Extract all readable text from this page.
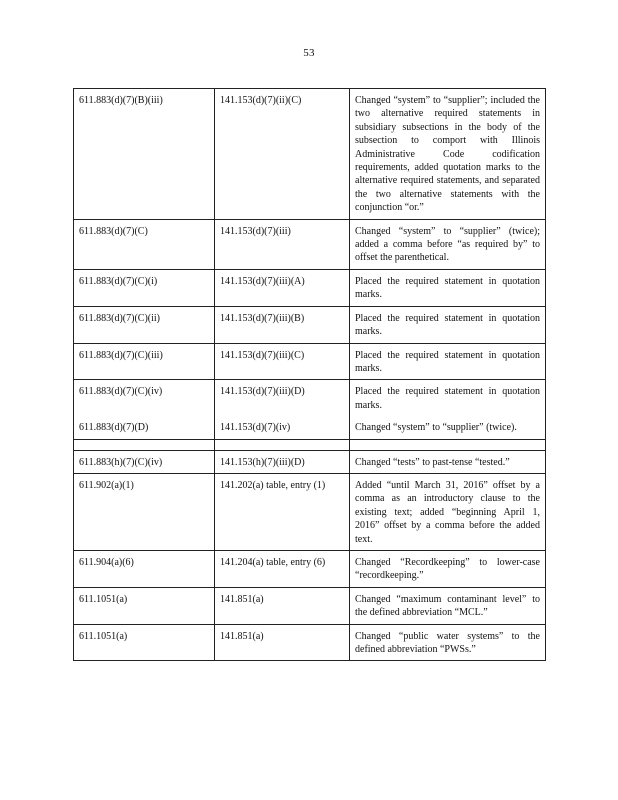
53
611.883(d)(7)(B)(iii)	141.153(d)(7)(ii)(C)	Changed “system” to “supplier”; included the two alternative required statements in subsidiary subsections in the body of the subsection to comport with Illinois Administrative Code codification requirements, added quotation marks to the alternative required statements, and separated the two alternative statements with the conjunction “or.”
611.883(d)(7)(C)	141.153(d)(7)(iii)	Changed “system” to “supplier” (twice); added a comma before “as required by” to offset the parenthetical.
611.883(d)(7)(C)(i)	141.153(d)(7)(iii)(A)	Placed the required statement in quotation marks.
611.883(d)(7)(C)(ii)	141.153(d)(7)(iii)(B)	Placed the required statement in quotation marks.
611.883(d)(7)(C)(iii)	141.153(d)(7)(iii)(C)	Placed the required statement in quotation marks.
611.883(d)(7)(C)(iv)	141.153(d)(7)(iii)(D)	Placed the required statement in quotation marks.
611.883(d)(7)(D)	141.153(d)(7)(iv)	Changed “system” to “supplier” (twice).

611.883(h)(7)(C)(iv)	141.153(h)(7)(iii)(D)	Changed “tests” to past-tense “tested.”
611.902(a)(1)	141.202(a) table, entry (1)	Added “until March 31, 2016” offset by a comma as an introductory clause to the existing text; added “beginning April 1, 2016” offset by a comma before the added text.
611.904(a)(6)	141.204(a) table, entry (6)	Changed “Recordkeeping” to lower-case “recordkeeping.”
611.1051(a)	141.851(a)	Changed “maximum contaminant level” to the defined abbreviation “MCL.”
611.1051(a)	141.851(a)	Changed “public water systems” to the defined abbreviation “PWSs.”
